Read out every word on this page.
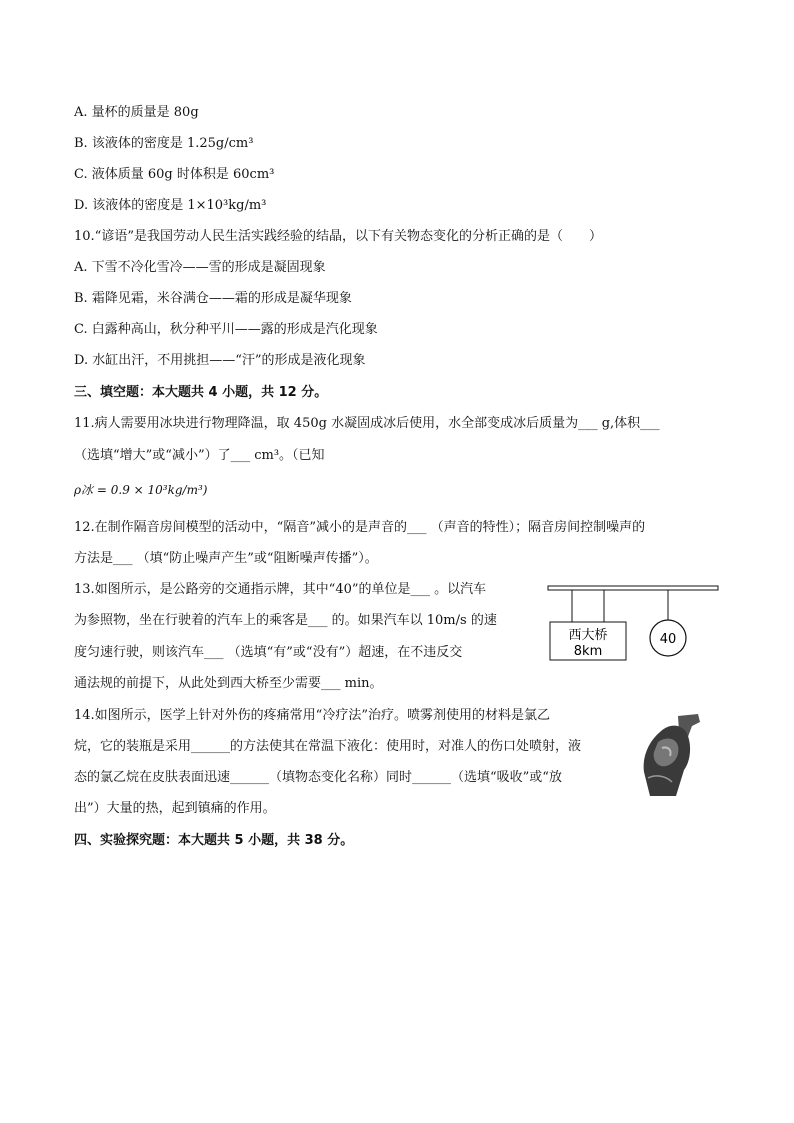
A. 量杯的质量是 80g
B. 该液体的密度是 1.25g/cm³
C. 液体质量 60g 时体积是 60cm³
D. 该液体的密度是 1×10³kg/m³
10.“谚语”是我国劳动人民生活实践经验的结晶，以下有关物态变化的分析正确的是（　　）
A. 下雪不冷化雪冷——雪的形成是凝固现象
B. 霜降见霜，米谷满仓——霜的形成是凝华现象
C. 白露种高山，秋分种平川——露的形成是汽化现象
D. 水缸出汗，不用挑担——“汗”的形成是液化现象
三、填空题：本大题共 4 小题，共 12 分。
11.病人需要用冰块进行物理降温，取 450g 水凝固成冰后使用，水全部变成冰后质量为___ g,体积___
（选填“增大”或“减小”）了___ cm³。（已知
ρ冰 = 0.9 × 10³kg/m³)
12.在制作隔音房间模型的活动中，“隔音”减小的是声音的___ （声音的特性）；隔音房间控制噪声的
方法是___ （填“防止噪声产生”或“阻断噪声传播”）。
13.如图所示，是公路旁的交通指示牌，其中“40”的单位是___ 。以汽车
为参照物，坐在行驶着的汽车上的乘客是___ 的。如果汽车以 10m/s 的速
度匀速行驶，则该汽车___ （选填“有”或“没有”）超速，在不违反交
通法规的前提下，从此处到西大桥至少需要___ min。
西大桥
8km
40
14.如图所示，医学上针对外伤的疼痛常用“冷疗法”治疗。喷雾剂使用的材料是氯乙
烷，它的装瓶是采用______的方法使其在常温下液化：使用时，对准人的伤口处喷射，液
态的氯乙烷在皮肤表面迅速______（填物态变化名称）同时______（选填“吸收”或“放
出”）大量的热，起到镇痛的作用。
四、实验探究题：本大题共 5 小题，共 38 分。
